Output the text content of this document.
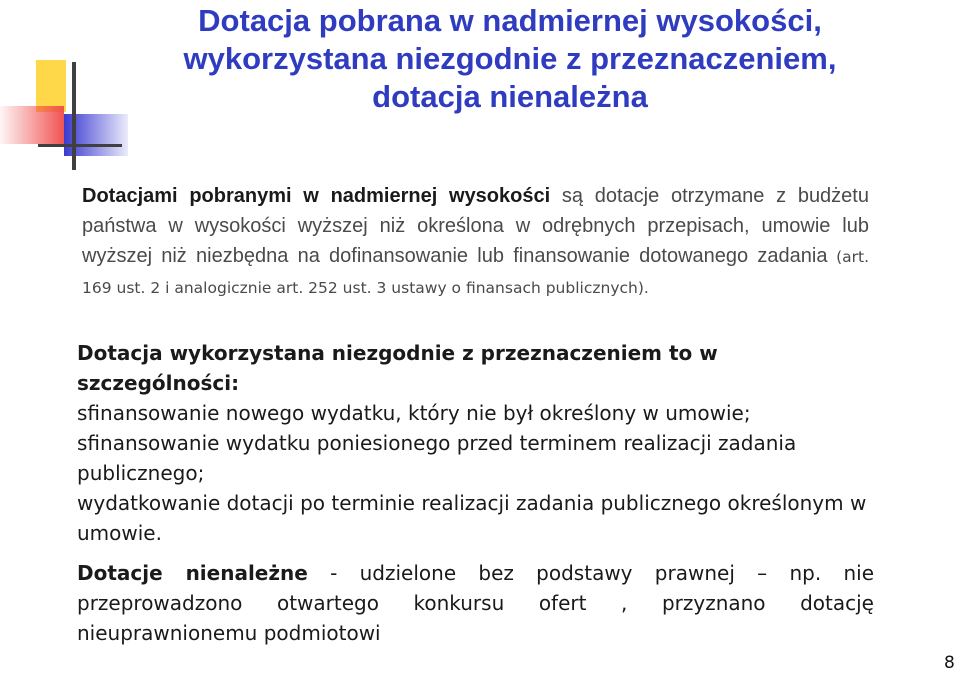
Dotacja pobrana w nadmiernej wysokości,
wykorzystana niezgodnie z przeznaczeniem,
dotacja nienależna
Dotacjami pobranymi w nadmiernej wysokości są dotacje otrzymane z budżetu państwa w wysokości wyższej niż określona w odrębnych przepisach, umowie lub wyższej niż niezbędna na dofinansowanie lub finansowanie dotowanego zadania (art. 169 ust. 2 i analogicznie art. 252 ust. 3 ustawy o finansach publicznych).
Dotacja wykorzystana niezgodnie z przeznaczeniem to w szczególności:
sfinansowanie nowego wydatku, który nie był określony w umowie;
sfinansowanie wydatku poniesionego przed terminem realizacji zadania publicznego;
wydatkowanie dotacji po terminie realizacji zadania publicznego określonym w umowie.
Dotacje nienależne - udzielone bez podstawy prawnej – np. nie przeprowadzono otwartego konkursu ofert , przyznano dotację nieuprawnionemu podmiotowi
8
